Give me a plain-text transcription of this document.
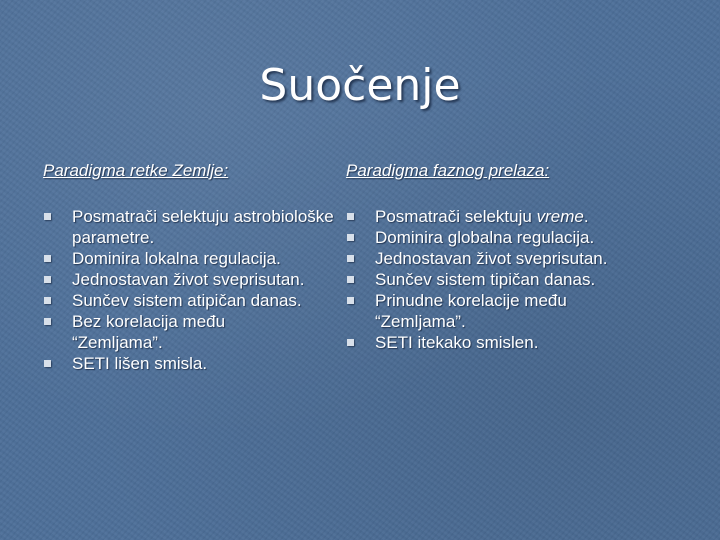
Suočenje
Paradigma retke Zemlje:
Posmatrači selektuju astrobiološke parametre.
Dominira lokalna regulacija.
Jednostavan život sveprisutan.
Sunčev sistem atipičan danas.
Bez korelacija među “Zemljama”.
SETI lišen smisla.
Paradigma faznog prelaza:
Posmatrači selektuju vreme.
Dominira globalna regulacija.
Jednostavan život sveprisutan.
Sunčev sistem tipičan danas.
Prinudne korelacije među “Zemljama”.
SETI itekako smislen.
